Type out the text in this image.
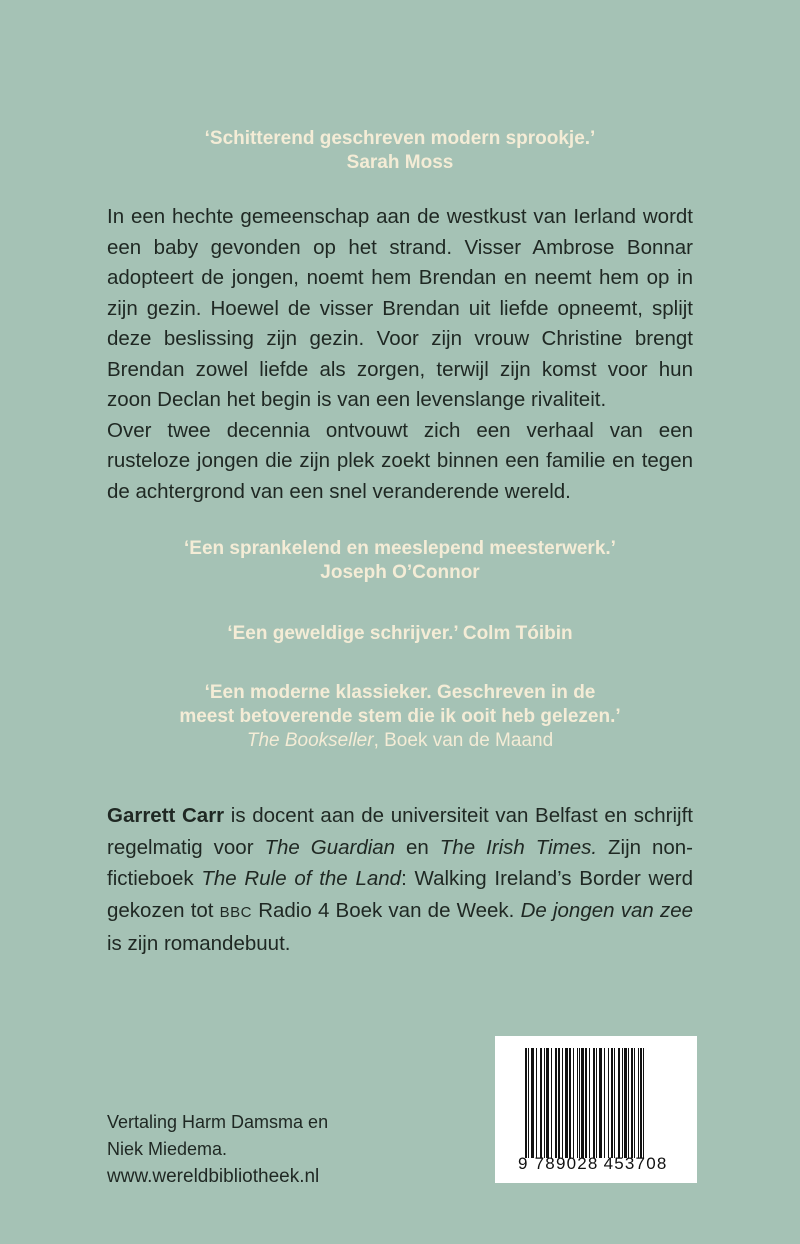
‘Schitterend geschreven modern sprookje.’
Sarah Moss

In een hechte gemeenschap aan de westkust van Ierland wordt een baby gevonden op het strand. Visser Ambrose Bonnar adopteert de jongen, noemt hem Brendan en neemt hem op in zijn gezin. Hoewel de visser Brendan uit liefde opneemt, splijt deze beslissing zijn gezin. Voor zijn vrouw Christine brengt Brendan zowel liefde als zorgen, terwijl zijn komst voor hun zoon Declan het begin is van een levenslange rivaliteit.

Over twee decennia ontvouwt zich een verhaal van een rusteloze jongen die zijn plek zoekt binnen een familie en tegen de achtergrond van een snel veranderende wereld.

‘Een sprankelend en meeslepend meesterwerk.’
Joseph O’Connor
‘Een geweldige schrijver.’ Colm Tóibin
‘Een moderne klassieker. Geschreven in de
meest betoverende stem die ik ooit heb gelezen.’
The Bookseller, Boek van de Maand
Garrett Carr is docent aan de universiteit van Belfast en schrijft regelmatig voor The Guardian en The Irish Times. Zijn non-fictieboek The Rule of the Land: Walking Ireland’s Border werd gekozen tot BBC Radio 4 Boek van de Week. De jongen van zee is zijn romandebuut.
Vertaling Harm Damsma en
Niek Miedema.
www.wereldbibliotheek.nl
9 789028 453708
